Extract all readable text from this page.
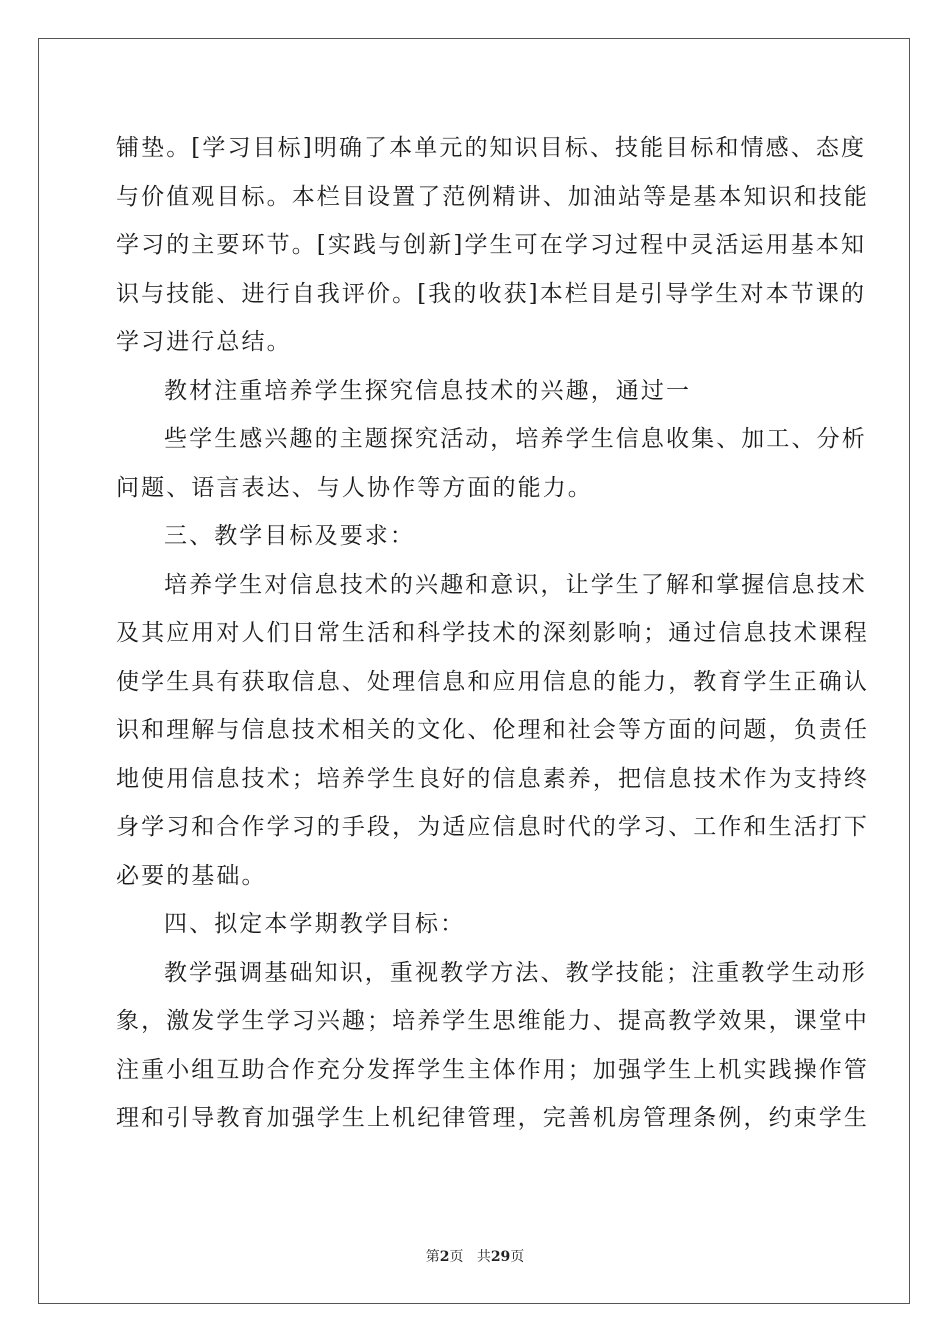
铺垫。[学习目标]明确了本单元的知识目标、技能目标和情感、态度
与价值观目标。本栏目设置了范例精讲、加油站等是基本知识和技能
学习的主要环节。[实践与创新]学生可在学习过程中灵活运用基本知
识与技能、进行自我评价。[我的收获]本栏目是引导学生对本节课的
学习进行总结。
教材注重培养学生探究信息技术的兴趣，通过一
些学生感兴趣的主题探究活动，培养学生信息收集、加工、分析
问题、语言表达、与人协作等方面的能力。
三、教学目标及要求：
培养学生对信息技术的兴趣和意识，让学生了解和掌握信息技术
及其应用对人们日常生活和科学技术的深刻影响；通过信息技术课程
使学生具有获取信息、处理信息和应用信息的能力，教育学生正确认
识和理解与信息技术相关的文化、伦理和社会等方面的问题，负责任
地使用信息技术；培养学生良好的信息素养，把信息技术作为支持终
身学习和合作学习的手段，为适应信息时代的学习、工作和生活打下
必要的基础。
四、拟定本学期教学目标：
教学强调基础知识，重视教学方法、教学技能；注重教学生动形
象，激发学生学习兴趣；培养学生思维能力、提高教学效果，课堂中
注重小组互助合作充分发挥学生主体作用；加强学生上机实践操作管
理和引导教育加强学生上机纪律管理，完善机房管理条例，约束学生
第2页 共29页
